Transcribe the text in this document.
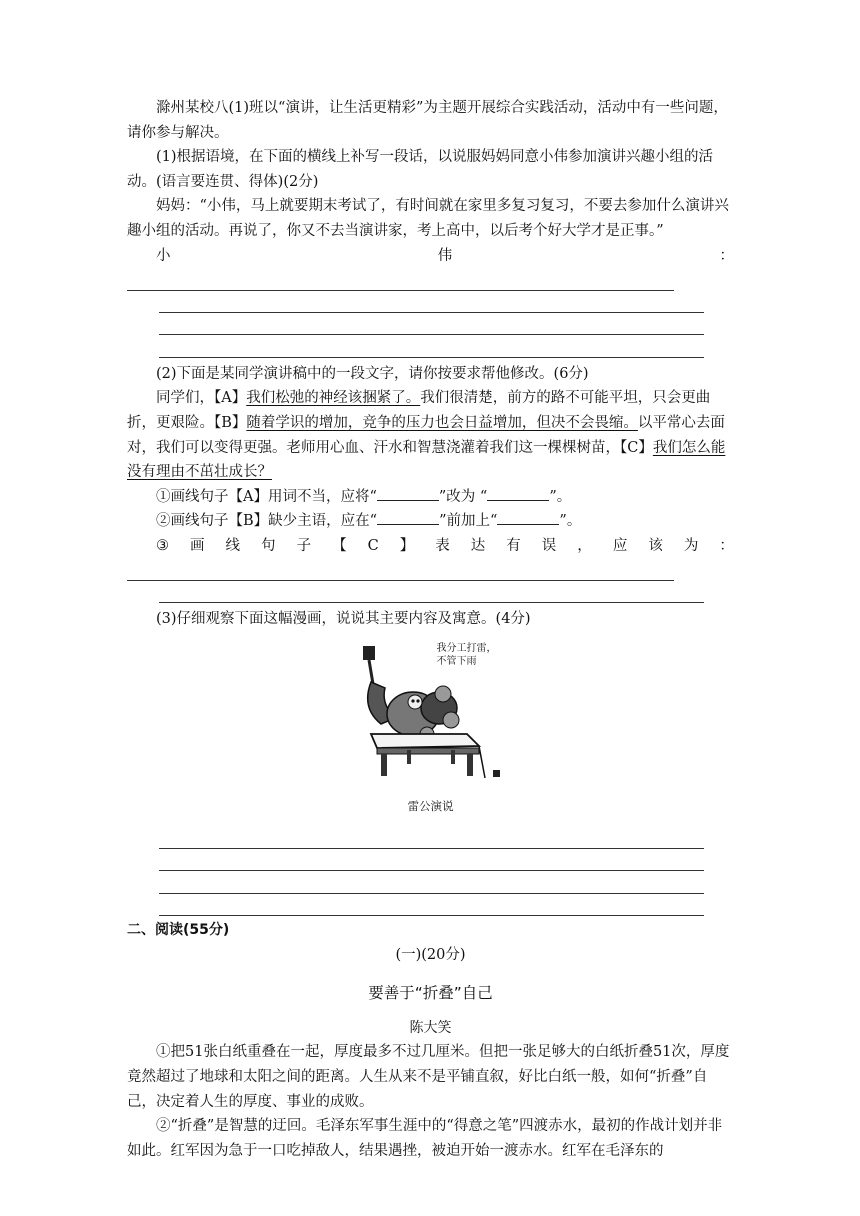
滁州某校八(1)班以“演讲，让生活更精彩”为主题开展综合实践活动，活动中有一些问题，请你参与解决。

(1)根据语境，在下面的横线上补写一段话，以说服妈妈同意小伟参加演讲兴趣小组的活动。(语言要连贯、得体)(2分)

妈妈：“小伟，马上就要期末考试了，有时间就在家里多复习复习，不要去参加什么演讲兴趣小组的活动。再说了，你又不去当演讲家，考上高中，以后考个好大学才是正事。”

小	伟	：

(2)下面是某同学演讲稿中的一段文字，请你按要求帮他修改。(6分)

同学们，【A】我们松弛的神经该捆紧了。我们很清楚，前方的路不可能平坦，只会更曲折，更艰险。【B】随着学识的增加，竞争的压力也会日益增加，但决不会畏缩。以平常心去面对，我们可以变得更强。老师用心血、汗水和智慧浇灌着我们这一棵棵树苗，【C】我们怎么能没有理由不茁壮成长？

①画线句子【A】用词不当，应将“	”改为 “	”。

②画线句子【B】缺少主语，应在“	”前加上“	”。

③ 画 线 句 子 【 C 】 表 达 有 误 ， 应 该 为 ：

(3)仔细观察下面这幅漫画，说说其主要内容及寓意。(4分)

我分工打雷，
不管下雨
雷公演说

二、阅读(55分)

(一)(20分)

要善于“折叠”自己

陈大笑

①把51张白纸重叠在一起，厚度最多不过几厘米。但把一张足够大的白纸折叠51次，厚度竟然超过了地球和太阳之间的距离。人生从来不是平铺直叙，好比白纸一般，如何“折叠”自己，决定着人生的厚度、事业的成败。

②“折叠”是智慧的迂回。毛泽东军事生涯中的“得意之笔”四渡赤水，最初的作战计划并非如此。红军因为急于一口吃掉敌人，结果遇挫，被迫开始一渡赤水。红军在毛泽东的
